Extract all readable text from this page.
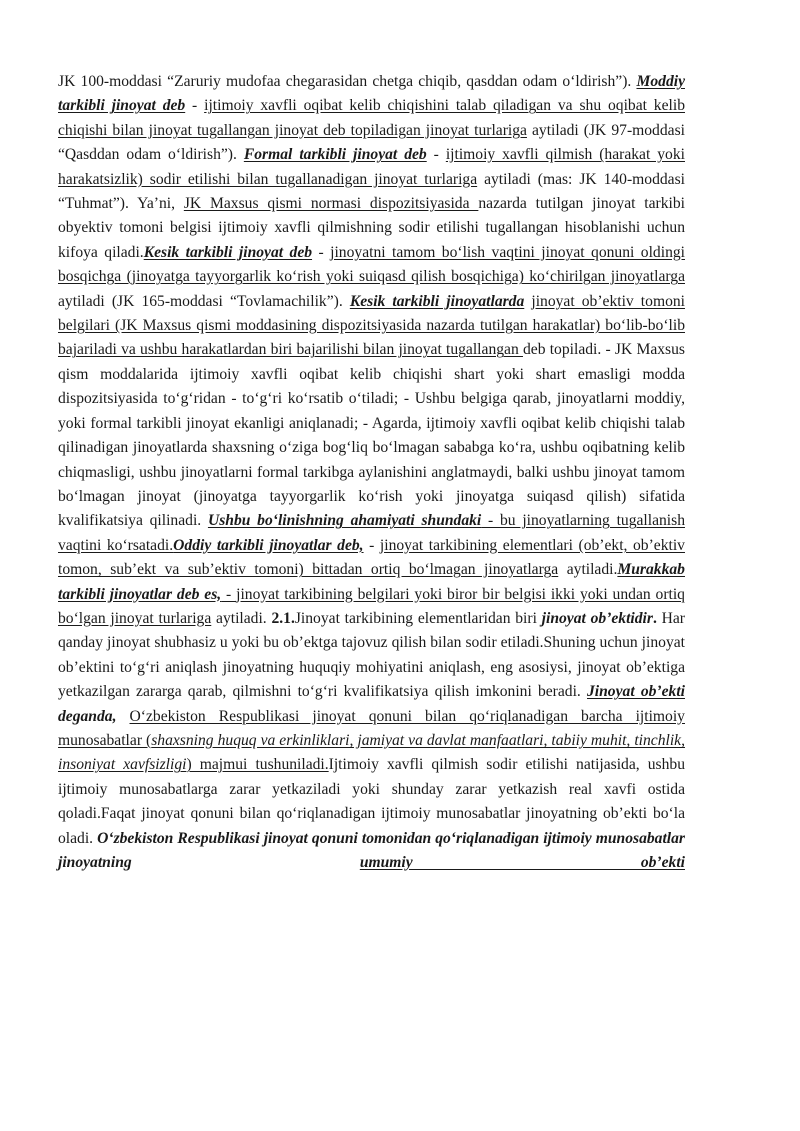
JK 100-moddasi “Zaruriy mudofaa chegarasidan chetga chiqib, qasddan odam o‘ldirish”). Moddiy tarkibli jinoyat deb - ijtimoiy xavfli oqibat kelib chiqishini talab qiladigan va shu oqibat kelib chiqishi bilan jinoyat tugallangan jinoyat deb topiladigan jinoyat turlariga aytiladi (JK 97-moddasi “Qasddan odam o‘ldirish”). Formal tarkibli jinoyat deb - ijtimoiy xavfli qilmish (harakat yoki harakatsizlik) sodir etilishi bilan tugallanadigan jinoyat turlariga aytiladi (mas: JK 140-moddasi “Tuhmat”). Ya’ni, JK Maxsus qismi normasi dispozitsiyasida nazarda tutilgan jinoyat tarkibi obyektiv tomoni belgisi ijtimoiy xavfli qilmishning sodir etilishi tugallangan hisoblanishi uchun kifoya qiladi.Kesik tarkibli jinoyat deb - jinoyatni tamom bo‘lish vaqtini jinoyat qonuni oldingi bosqichga (jinoyatga tayyorgarlik ko‘rish yoki suiqasd qilish bosqichiga) ko‘chirilgan jinoyatlarga aytiladi (JK 165-moddasi “Tovlamachilik”). Kesik tarkibli jinoyatlarda jinoyat ob’ektiv tomoni belgilari (JK Maxsus qismi moddasining dispozitsiyasida nazarda tutilgan harakatlar) bo‘lib-bo‘lib bajariladi va ushbu harakatlardan biri bajarilishi bilan jinoyat tugallangan deb topiladi. - JK Maxsus qism moddalarida ijtimoiy xavfli oqibat kelib chiqishi shart yoki shart emasligi modda dispozitsiyasida to‘g‘ridan - to‘g‘ri ko‘rsatib o‘tiladi; - Ushbu belgiga qarab, jinoyatlarni moddiy, yoki formal tarkibli jinoyat ekanligi aniqlanadi; - Agarda, ijtimoiy xavfli oqibat kelib chiqishi talab qilinadigan jinoyatlarda shaxsning o‘ziga bog‘liq bo‘lmagan sababga ko‘ra, ushbu oqibatning kelib chiqmasligi, ushbu jinoyatlarni formal tarkibga aylanishini anglatmaydi, balki ushbu jinoyat tamom bo‘lmagan jinoyat (jinoyatga tayyorgarlik ko‘rish yoki jinoyatga suiqasd qilish) sifatida kvalifikatsiya qilinadi. Ushbu bo‘linishning ahamiyati shundaki - bu jinoyatlarning tugallanish vaqtini ko‘rsatadi.Oddiy tarkibli jinoyatlar deb, - jinoyat tarkibining elementlari (ob’ekt, ob’ektiv tomon, sub’ekt va sub’ektiv tomoni) bittadan ortiq bo‘lmagan jinoyatlarga aytiladi.Murakkab tarkibli jinoyatlar deb es, - jinoyat tarkibining belgilari yoki biror bir belgisi ikki yoki undan ortiq bo‘lgan jinoyat turlariga aytiladi. 2.1.Jinoyat tarkibining elementlaridan biri jinoyat ob’ektidir. Har qanday jinoyat shubhasiz u yoki bu ob’ektga tajovuz qilish bilan sodir etiladi.Shuning uchun jinoyat ob’ektini to‘g‘ri aniqlash jinoyatning huquqiy mohiyatini aniqlash, eng asosiysi, jinoyat ob’ektiga yetkazilgan zararga qarab, qilmishni to‘g‘ri kvalifikatsiya qilish imkonini beradi. Jinoyat ob’ekti deganda, O‘zbekiston Respublikasi jinoyat qonuni bilan qo‘riqlanadigan barcha ijtimoiy munosabatlar (shaxsning huquq va erkinliklari, jamiyat va davlat manfaatlari, tabiiy muhit, tinchlik, insoniyat xavfsizligi) majmui tushuniladi.Ijtimoiy xavfli qilmish sodir etilishi natijasida, ushbu ijtimoiy munosabatlarga zarar yetkaziladi yoki shunday zarar yetkazish real xavfi ostida qoladi.Faqat jinoyat qonuni bilan qo‘riqlanadigan ijtimoiy munosabatlar jinoyatning ob’ekti bo‘la oladi. O‘zbekiston Respublikasi jinoyat qonuni tomonidan qo‘riqlanadigan ijtimoiy munosabatlar jinoyatning umumiy ob’ekti
